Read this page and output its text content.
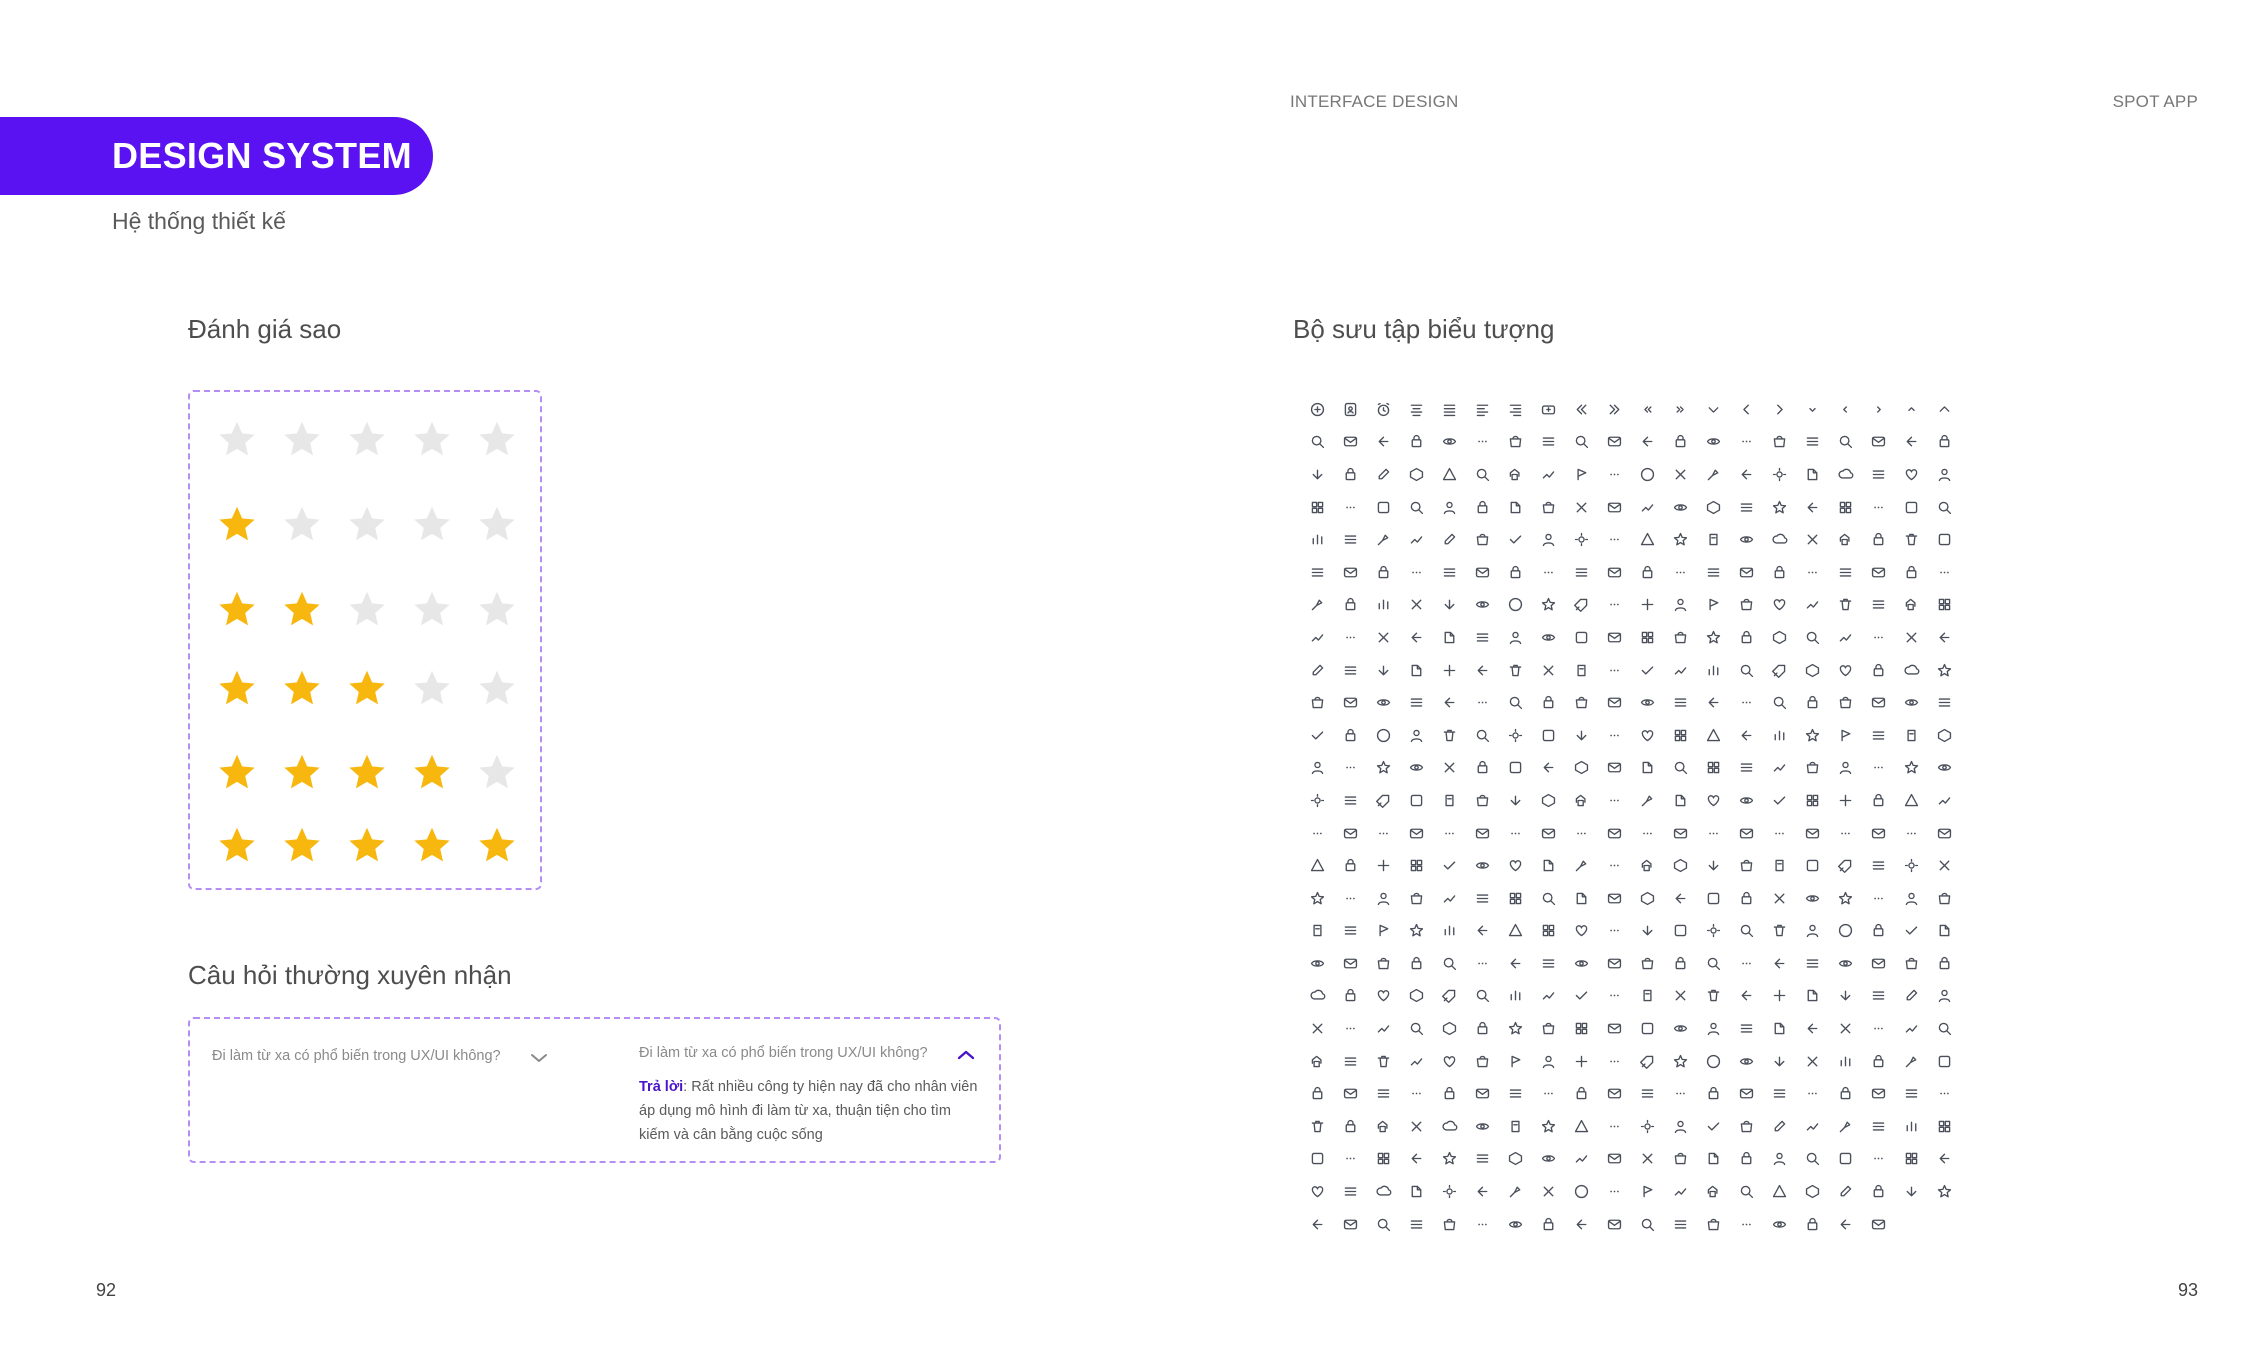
INTERFACE DESIGN	SPOT APP
DESIGN SYSTEM
Hệ thống thiết kế
Đánh giá sao
Câu hỏi thường xuyên nhận
Đi làm từ xa có phổ biến trong UX/UI không?	Đi làm từ xa có phổ biến trong UX/UI không?
Trả lời: Rất nhiều công ty hiện nay đã cho nhân viên áp dụng mô hình đi làm từ xa, thuận tiện cho tìm kiếm và cân bằng cuộc sống
Bộ sưu tập biểu tượng
92	93
